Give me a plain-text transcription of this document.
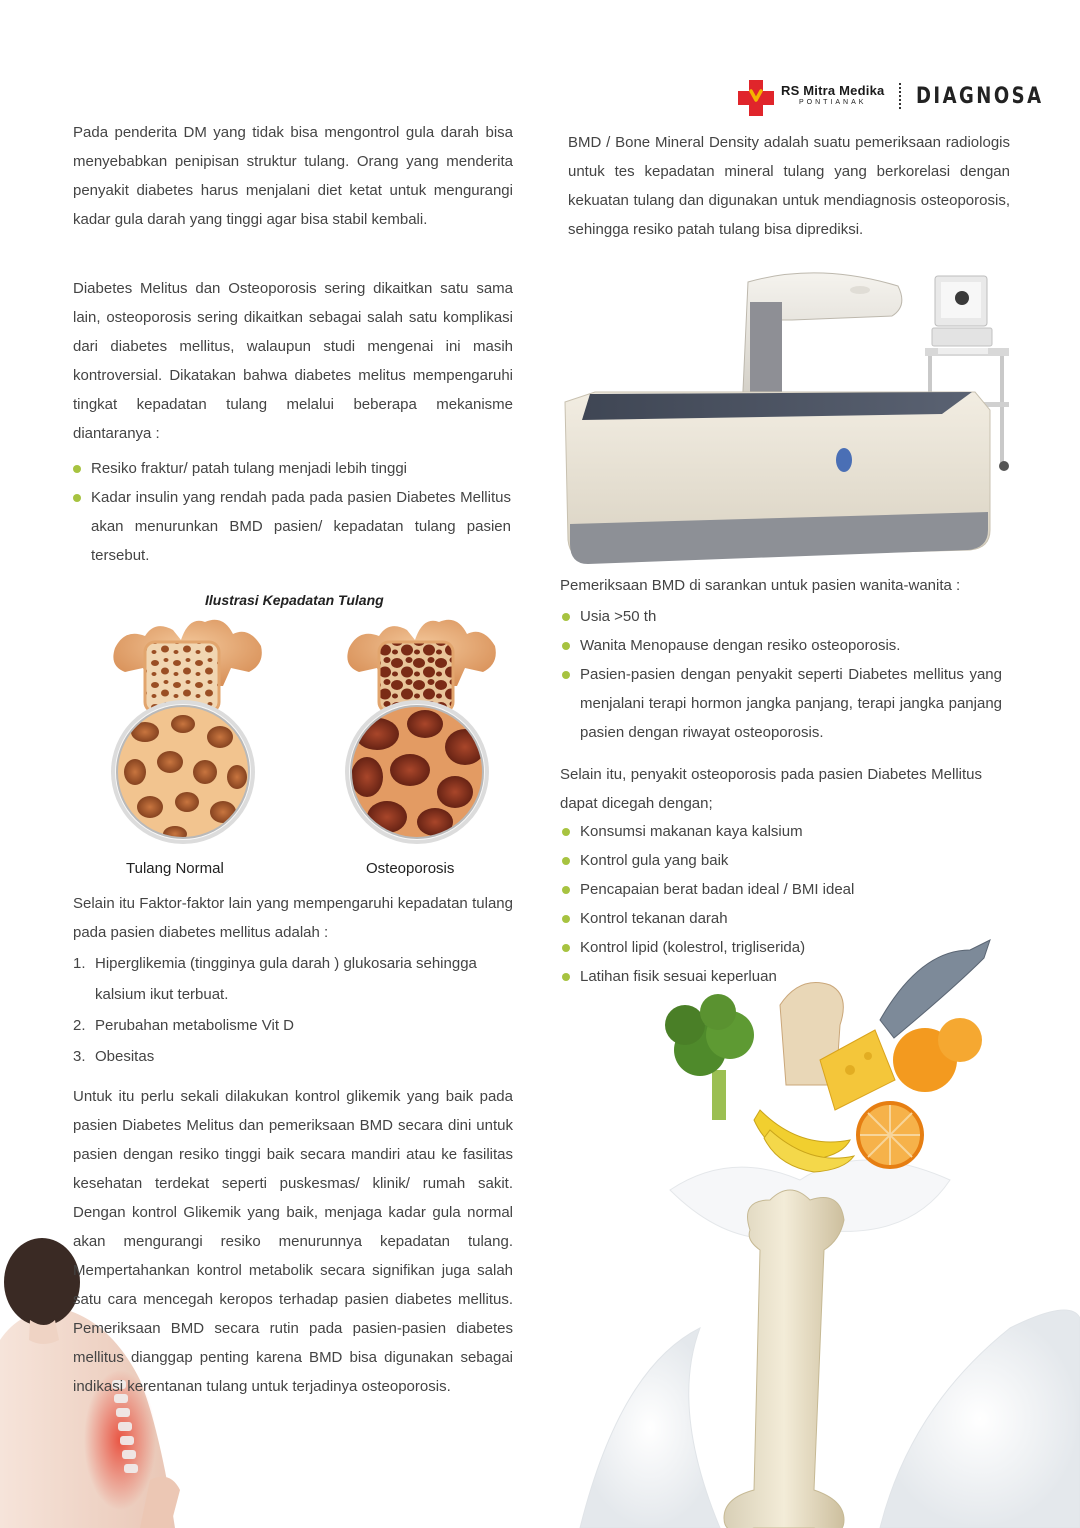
RS Mitra Medika
PONTIANAK	DIAGNOSA

Pada penderita DM yang tidak bisa mengontrol gula darah bisa menyebabkan penipisan struktur tulang. Orang yang menderita penyakit diabetes harus menjalani diet ketat untuk mengurangi kadar gula darah yang tinggi agar bisa stabil kembali.

Diabetes Melitus dan Osteoporosis sering dikaitkan satu sama lain, osteoporosis sering dikaitkan sebagai salah satu komplikasi dari diabetes mellitus, walaupun studi mengenai ini masih kontroversial. Dikatakan bahwa diabetes melitus mempengaruhi tingkat kepadatan tulang melalui beberapa mekanisme diantaranya :

Resiko fraktur/ patah tulang menjadi lebih tinggi
Kadar insulin yang rendah pada pada pasien Diabetes Mellitus akan menurunkan BMD pasien/ kepadatan tulang pasien tersebut.
Ilustrasi Kepadatan Tulang
Tulang Normal	Osteoporosis

Selain itu Faktor-faktor lain yang mempengaruhi kepadatan tulang pada pasien diabetes mellitus adalah :

1. Hiperglikemia (tingginya gula darah ) glukosaria sehingga kalsium ikut terbuat.
2. Perubahan metabolisme Vit D
3. Obesitas

Untuk itu perlu sekali dilakukan kontrol glikemik yang baik pada pasien Diabetes Melitus dan pemeriksaan BMD secara dini untuk pasien dengan resiko tinggi baik secara mandiri atau ke fasilitas kesehatan terdekat seperti puskesmas/ klinik/ rumah sakit. Dengan kontrol Glikemik yang baik, menjaga kadar gula normal akan mengurangi resiko menurunnya kepadatan tulang. Mempertahankan kontrol metabolik secara signifikan juga salah satu cara mencegah keropos terhadap pasien diabetes mellitus. Pemeriksaan BMD secara rutin pada pasien-pasien diabetes mellitus dianggap penting karena BMD bisa digunakan sebagai indikasi kerentanan tulang untuk terjadinya osteoporosis.

BMD / Bone Mineral Density adalah suatu pemeriksaan radiologis untuk tes kepadatan mineral tulang yang berkorelasi dengan kekuatan tulang dan digunakan untuk mendiagnosis osteoporosis, sehingga resiko patah tulang bisa diprediksi.

Pemeriksaan BMD di sarankan untuk pasien wanita-wanita :

Usia >50 th
Wanita Menopause dengan resiko osteoporosis.
Pasien-pasien dengan penyakit seperti Diabetes mellitus yang menjalani terapi hormon jangka panjang, terapi jangka panjang pasien dengan riwayat osteoporosis.

Selain itu, penyakit osteoporosis pada pasien Diabetes Mellitus dapat dicegah dengan;

Konsumsi makanan kaya kalsium
Kontrol gula yang baik
Pencapaian berat badan ideal / BMI ideal
Kontrol tekanan darah
Kontrol lipid (kolestrol, trigliserida)
Latihan fisik sesuai keperluan
